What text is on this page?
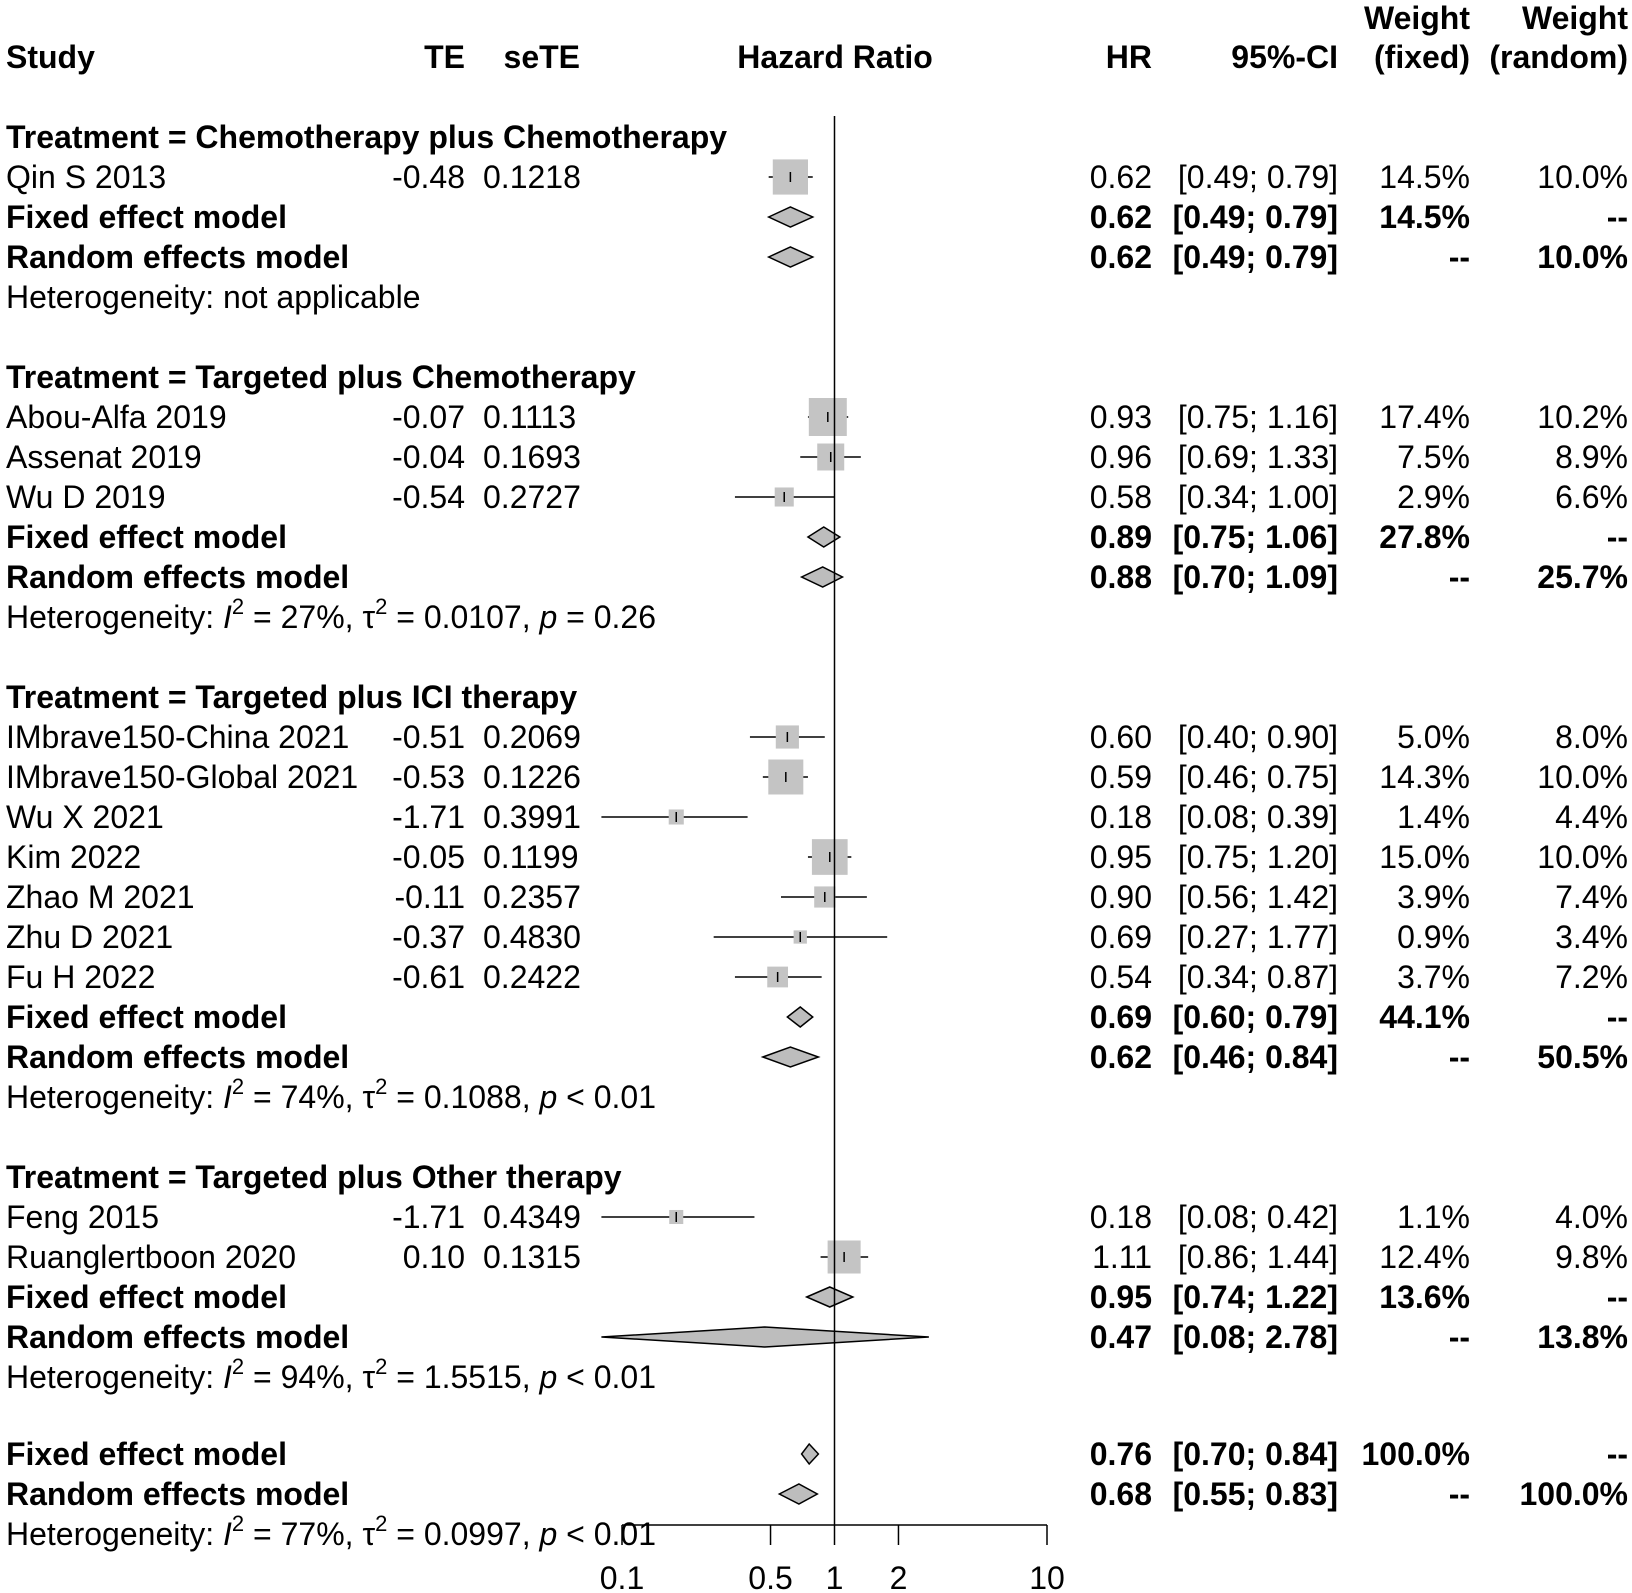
Study	TE seTE	Hazard Ratio	HR 95%-CI
Weight
(fixed)
Weight
(random)
Treatment = Chemotherapy plus Chemotherapy
Qin S 2013	-0.48 0.1218	0.62 [0.49; 0.79] 14.5% 10.0%
Fixed effect model	0.62 [0.49; 0.79] 14.5%	--
Random effects model	0.62 [0.49; 0.79]	-- 10.0%
Heterogeneity: not applicable
Treatment = Targeted plus Chemotherapy
Abou-Alfa 2019	-0.07 0.1113	0.93 [0.75; 1.16] 17.4% 10.2%
Assenat 2019	-0.04 0.1693	0.96 [0.69; 1.33] 7.5%	8.9%
Wu D 2019	-0.54 0.2727	0.58 [0.34; 1.00] 2.9%	6.6%
Fixed effect model	0.89 [0.75; 1.06] 27.8%	--
Random effects model	0.88 [0.70; 1.09]	-- 25.7%
Heterogeneity: $I^2 = 27\%$, $\tau^2 = 0.0107$, p = 0.26
Treatment = Targeted plus ICI therapy
IMbrave150-China 2021 -0.51 0.2069	0.60 [0.40; 0.90] 5.0%	8.0%
IMbrave150-Global 2021 -0.53 0.1226	0.59 [0.46; 0.75] 14.3% 10.0%
Wu X 2021	-1.71 0.3991	0.18 [0.08; 0.39] 1.4%	4.4%
Kim 2022	-0.05 0.1199	0.95 [0.75; 1.20] 15.0% 10.0%
Zhao M 2021	-0.11 0.2357	0.90 [0.56; 1.42] 3.9%	7.4%
Zhu D 2021	-0.37 0.4830	0.69 [0.27; 1.77] 0.9%	3.4%
Fu H 2022	-0.61 0.2422	0.54 [0.34; 0.87] 3.7%	7.2%
Fixed effect model	0.69 [0.60; 0.79] 44.1%	--
Random effects model	0.62 [0.46; 0.84]	-- 50.5%
Heterogeneity: $I^2 = 74\%$, $\tau^2 = 0.1088$, p < 0.01
Treatment = Targeted plus Other therapy
Feng 2015	-1.71 0.4349	0.18 [0.08; 0.42] 1.1%	4.0%
Ruanglertboon 2020	0.10 0.1315	1.11 [0.86; 1.44] 12.4%	9.8%
Fixed effect model	0.95 [0.74; 1.22] 13.6%	--
Random effects model	0.47 [0.08; 2.78]	-- 13.8%
Heterogeneity: $I^2 = 94\%$, $\tau^2 = 1.5515$, p < 0.01
Fixed effect model	0.76 [0.70; 0.84] 100.0%	--
Random effects model	0.68 [0.55; 0.83]	-- 100.0%
Heterogeneity: $I^2 = 77\%$, $\tau^2 = 0.0997$, p < 0.01
0.1	0.5 1 2	10
